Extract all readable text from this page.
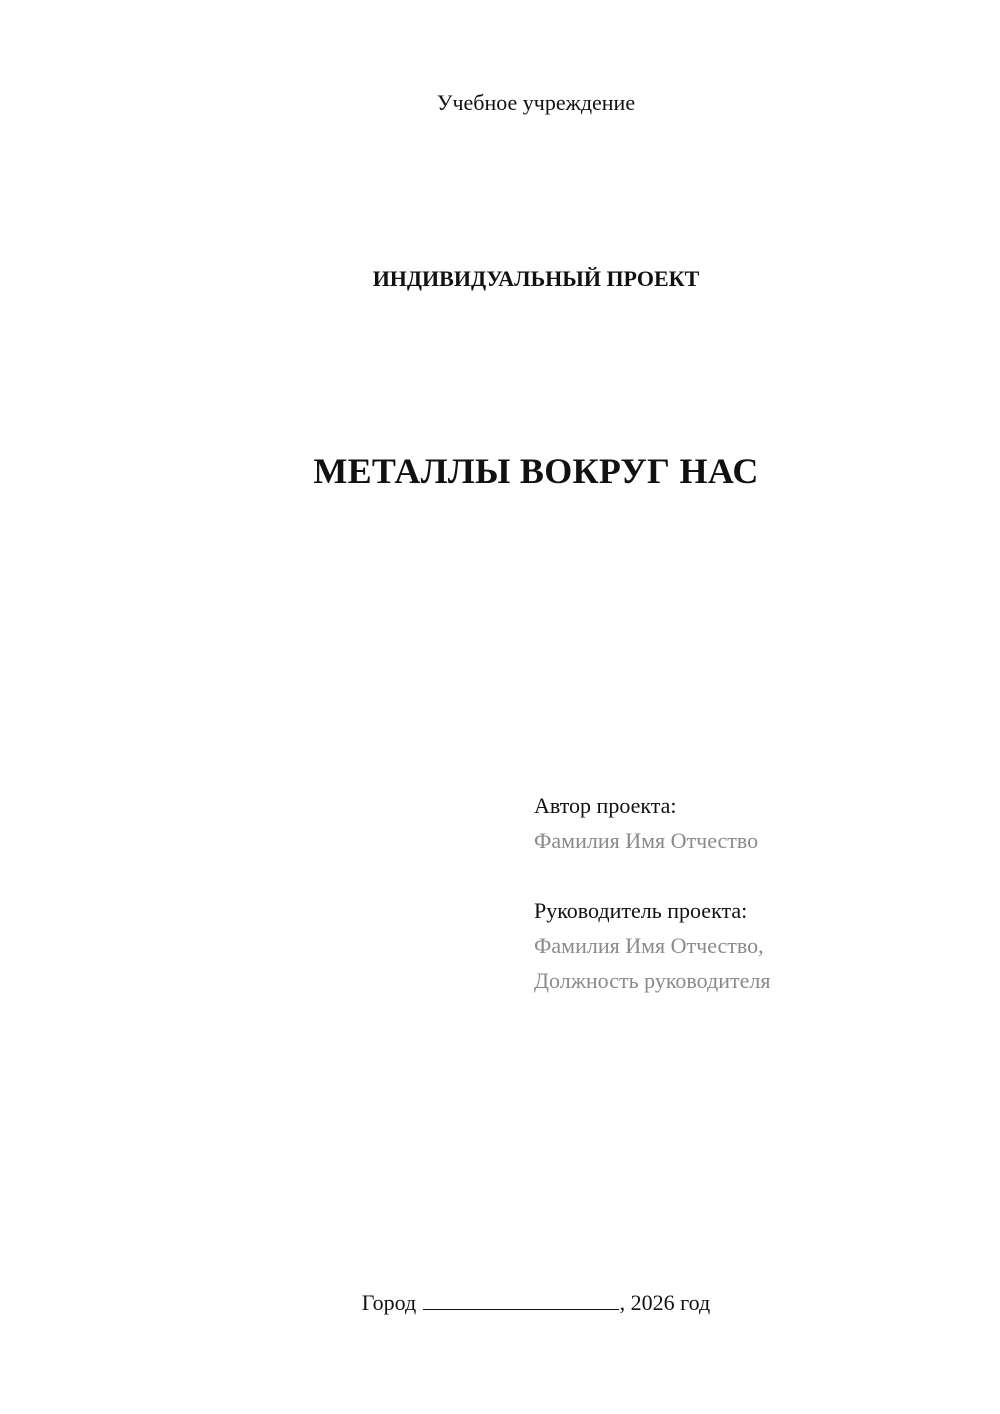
Учебное учреждение
ИНДИВИДУАЛЬНЫЙ ПРОЕКТ
МЕТАЛЛЫ ВОКРУГ НАС
Автор проекта:
Фамилия Имя Отчество
Руководитель проекта:
Фамилия Имя Отчество,
Должность руководителя
Город	, 2026 год
